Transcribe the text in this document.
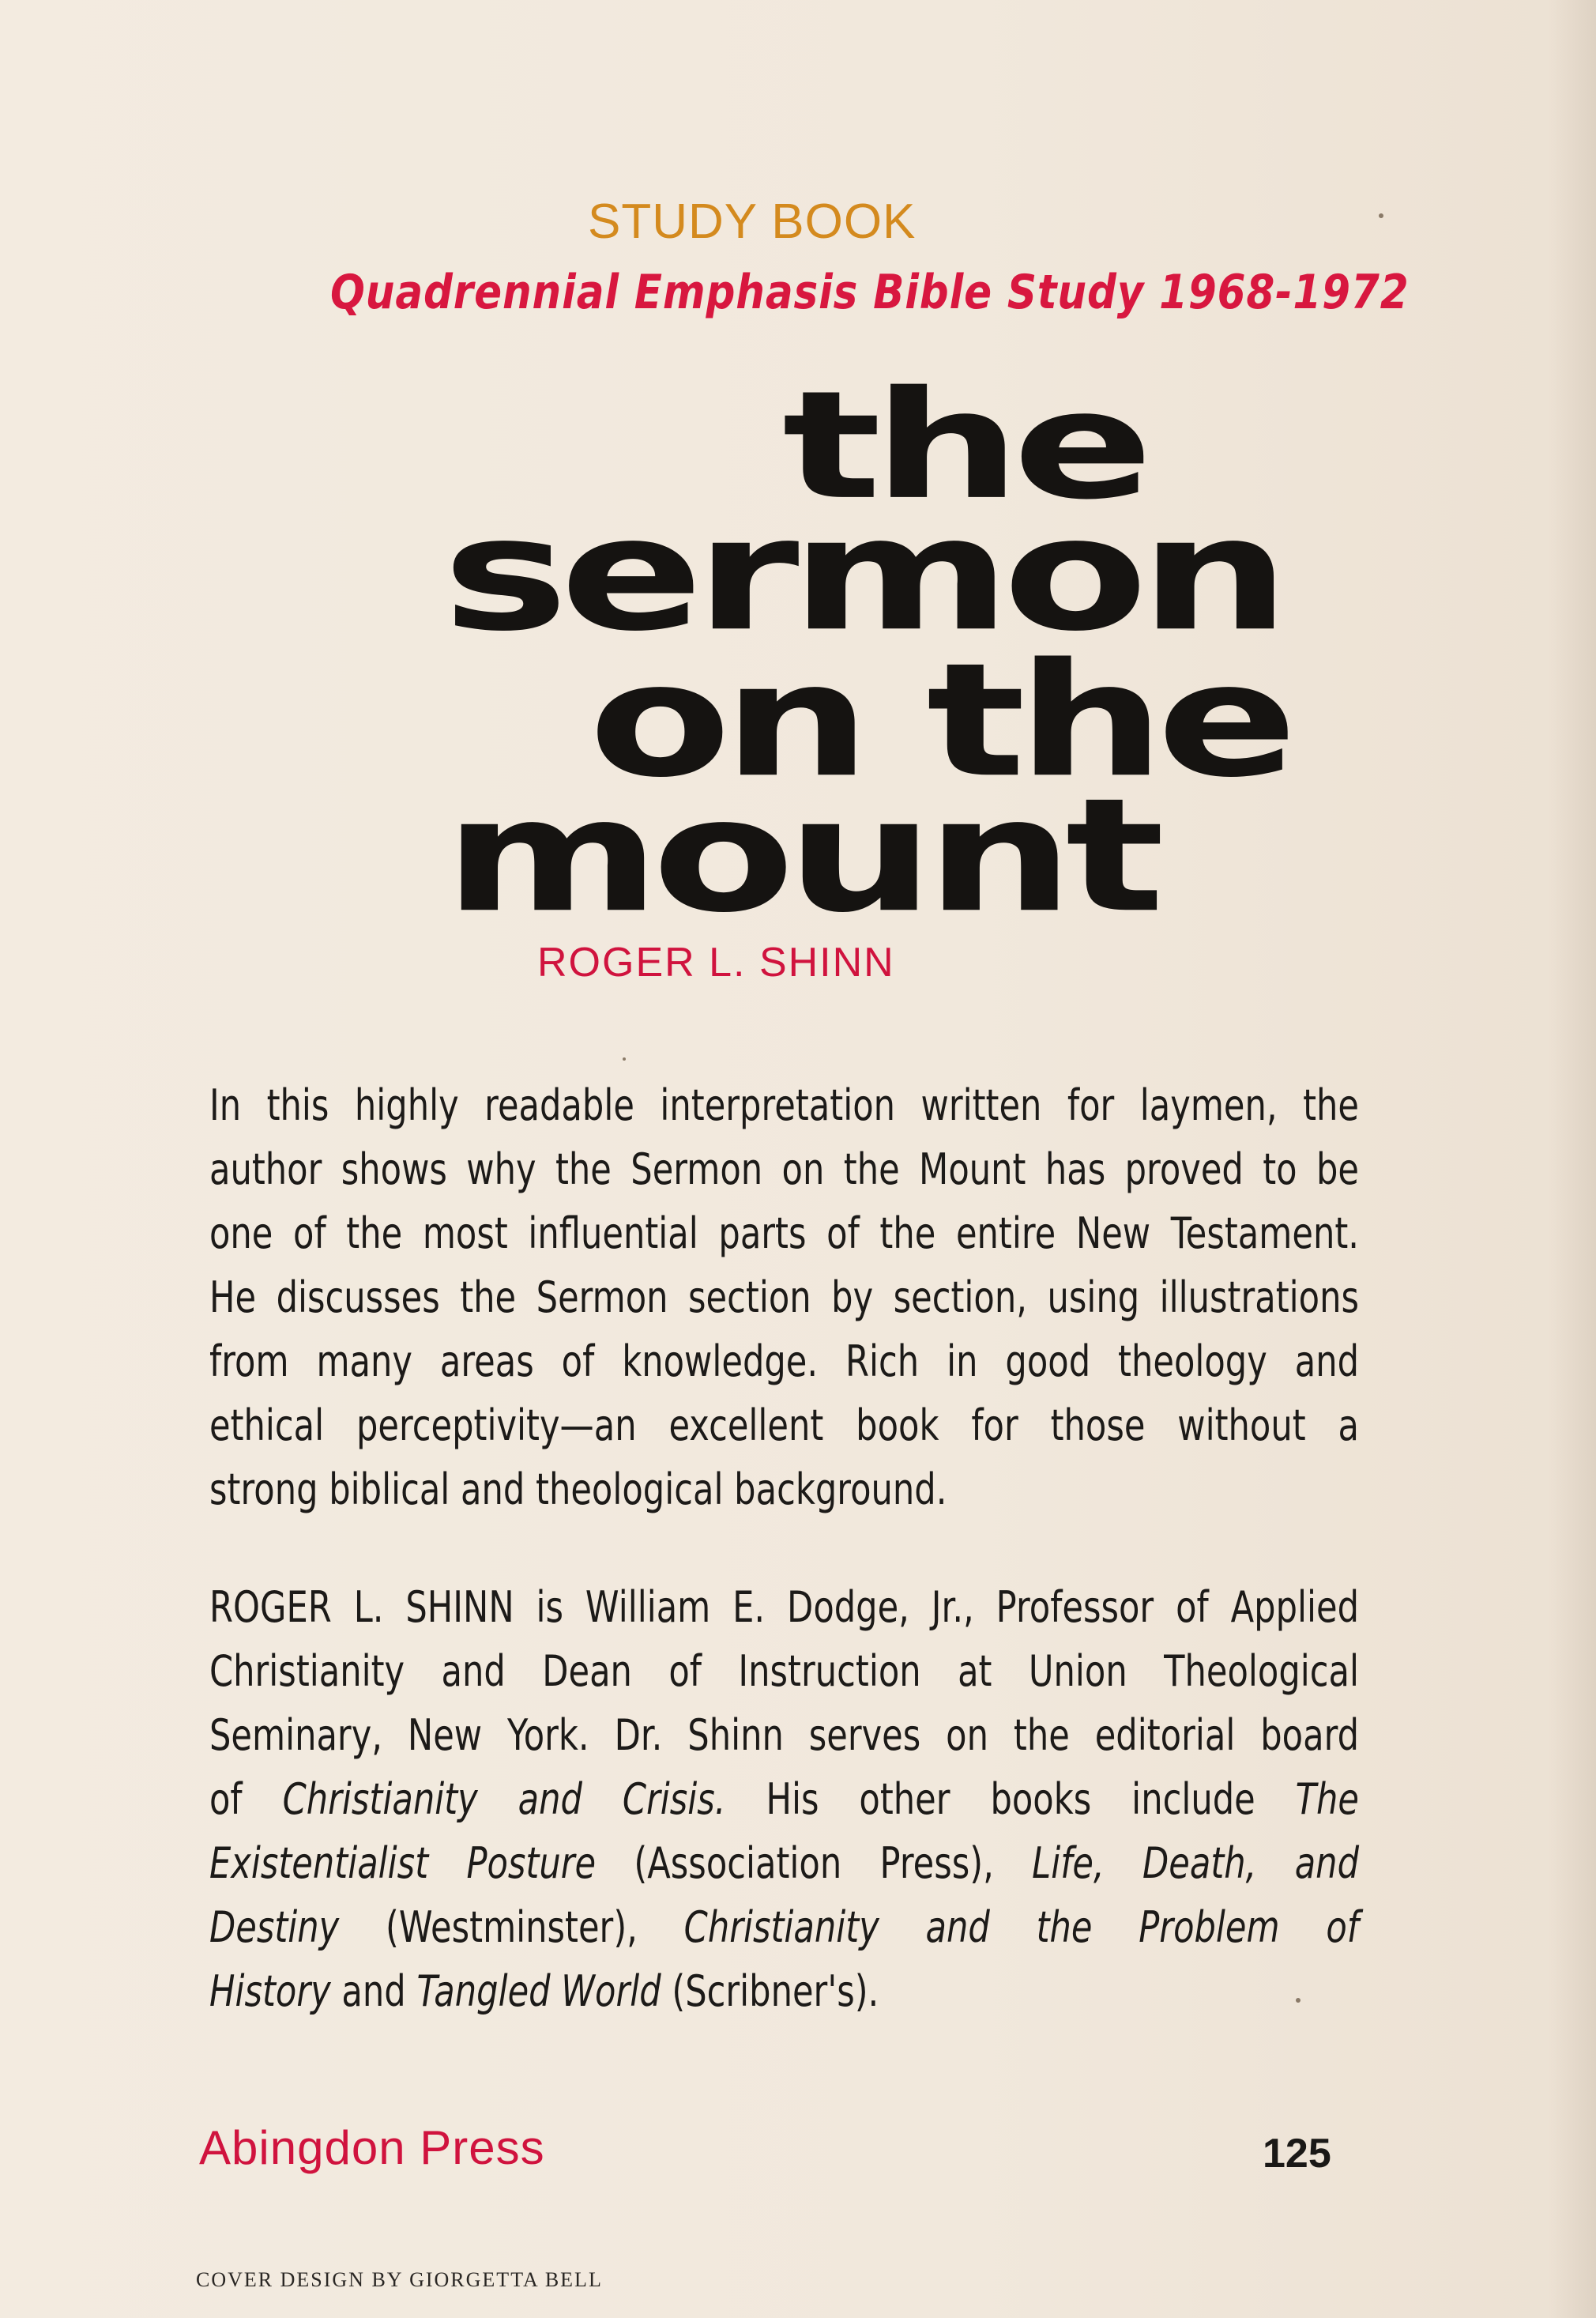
STUDY BOOK
Quadrennial Emphasis Bible Study 1968-1972
the
sermon
on the
mount
ROGER L. SHINN
In this highly readable interpretation written for laymen, the
author shows why the Sermon on the Mount has proved to be
one of the most influential parts of the entire New Testament.
He discusses the Sermon section by section, using illustrations
from many areas of knowledge. Rich in good theology and
ethical perceptivity—an excellent book for those without a
strong biblical and theological background.
ROGER L. SHINN is William E. Dodge, Jr., Professor of Applied
Christianity and Dean of Instruction at Union Theological
Seminary, New York. Dr. Shinn serves on the editorial board
of Christianity and Crisis. His other books include The
Existentialist Posture (Association Press), Life, Death, and
Destiny (Westminster), Christianity and the Problem of
History and Tangled World (Scribner's).
Abingdon Press	125
COVER DESIGN BY GIORGETTA BELL
